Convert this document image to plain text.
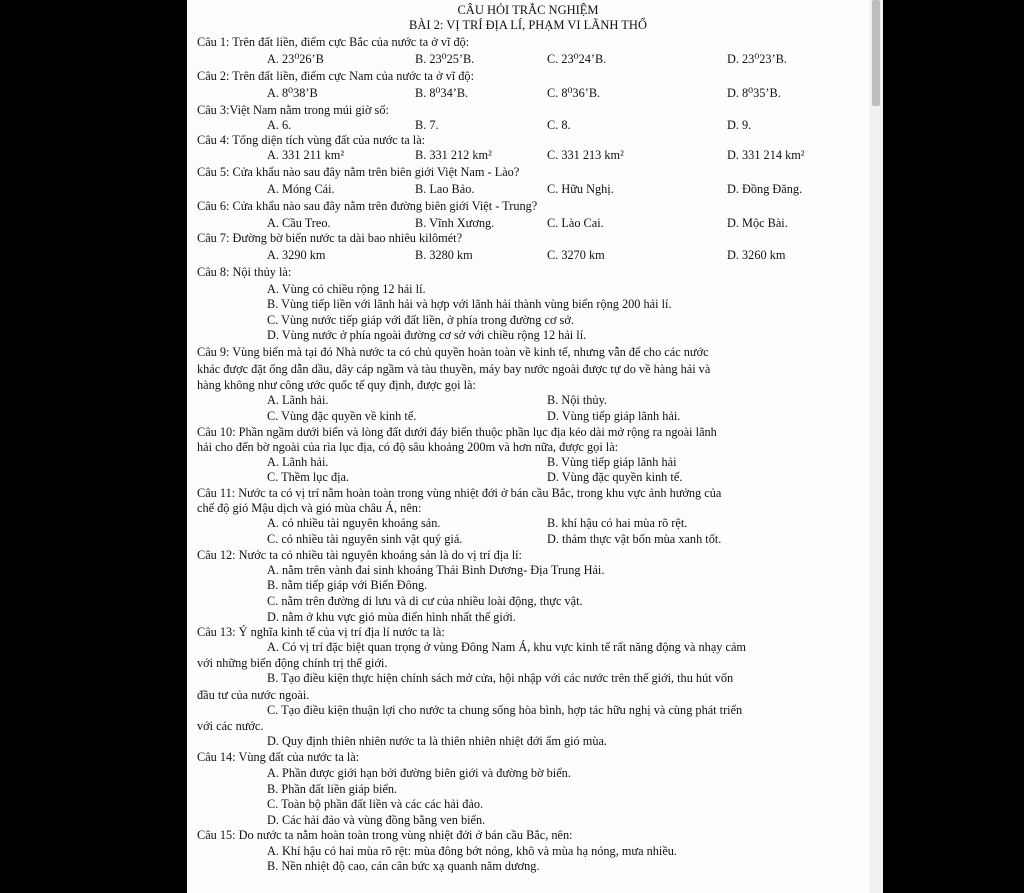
CÂU HỎI TRẮC NGHIỆM
BÀI 2: VỊ TRÍ ĐỊA LÍ, PHẠM VI LÃNH THỔ
Câu 1: Trên đất liền, điểm cực Bắc của nước ta ở vĩ độ:
A. 23⁰26’B	B. 23⁰25’B.	C. 23⁰24’B.	D. 23⁰23’B.
Câu 2: Trên đất liền, điểm cực Nam của nước ta ở vĩ độ:
A. 8⁰38’B	B. 8⁰34’B.	C. 8⁰36’B.	D. 8⁰35’B.
Câu 3:Việt Nam nằm trong múi giờ số:
A. 6.	B. 7.	C. 8.	D. 9.
Câu 4: Tổng diện tích vùng đất của nước ta là:
A. 331 211 km²	B. 331 212 km²	C. 331 213 km²	D. 331 214 km²
Câu 5: Cửa khẩu nào sau đây nằm trên biên giới Việt Nam - Lào?
A. Móng Cái.	B. Lao Bảo.	C. Hữu Nghị.	D. Đồng Đăng.
Câu 6: Cửa khẩu nào sau đây nằm trên đường biên giới Việt - Trung?
A. Cầu Treo.	B. Vĩnh Xương.	C. Lào Cai.	D. Mộc Bài.
Câu 7: Đường bờ biển nước ta dài bao nhiêu kilômét?
A. 3290 km	B. 3280 km	C. 3270 km	D. 3260 km
Câu 8: Nội thủy là:
A. Vùng có chiều rộng 12 hải lí.
B. Vùng tiếp liền với lãnh hải và hợp với lãnh hải thành vùng biển rộng 200 hải lí.
C. Vùng nước tiếp giáp với đất liền, ở phía trong đường cơ sở.
D. Vùng nước ở phía ngoài đường cơ sở với chiều rộng 12 hải lí.
Câu 9: Vùng biển mà tại đó Nhà nước ta có chủ quyền hoàn toàn về kinh tế, nhưng vẫn để cho các nước
khác được đặt ống dẫn dầu, dây cáp ngầm và tàu thuyền, máy bay nước ngoài được tự do về hàng hải và
hàng không như công ước quốc tế quy định, được gọi là:
A. Lãnh hải.	B. Nội thủy.
C. Vùng đặc quyền về kinh tế.	D. Vùng tiếp giáp lãnh hải.
Câu 10: Phần ngầm dưới biển và lòng đất dưới đáy biển thuộc phần lục địa kéo dài mở rộng ra ngoài lãnh
hải cho đến bờ ngoài của rìa lục địa, có độ sâu khoảng 200m và hơn nữa, được gọi là:
A. Lãnh hải.	B. Vùng tiếp giáp lãnh hải
C. Thềm lục địa.	D. Vùng đặc quyền kinh tế.
Câu 11: Nước ta có vị trí nằm hoàn toàn trong vùng nhiệt đới ở bán cầu Bắc, trong khu vực ảnh hưởng của
chế độ gió Mậu dịch và gió mùa châu Á, nên:
A. có nhiều tài nguyên khoáng sản.	B. khí hậu có hai mùa rõ rệt.
C. có nhiều tài nguyên sinh vật quý giá.	D. thảm thực vật bốn mùa xanh tốt.
Câu 12: Nước ta có nhiều tài nguyên khoáng sản là do vị trí địa lí:
A. nằm trên vành đai sinh khoáng Thái Bình Dương- Địa Trung Hải.
B. nằm tiếp giáp với Biển Đông.
C. nằm trên đường di lưu và di cư của nhiều loài động, thực vật.
D. nằm ở khu vực gió mùa điển hình nhất thế giới.
Câu 13: Ý nghĩa kinh tế của vị trí địa lí nước ta là:
A. Có vị trí đặc biệt quan trọng ở vùng Đông Nam Á, khu vực kinh tế rất năng động và nhạy cảm
với những biến động chính trị thế giới.
B. Tạo điều kiện thực hiện chính sách mở cửa, hội nhập với các nước trên thế giới, thu hút vốn
đầu tư của nước ngoài.
C. Tạo điều kiện thuận lợi cho nước ta chung sống hòa bình, hợp tác hữu nghị và cùng phát triển
với các nước.
D. Quy định thiên nhiên nước ta là thiên nhiên nhiệt đới ẩm gió mùa.
Câu 14: Vùng đất của nước ta là:
A. Phần được giới hạn bởi đường biên giới và đường bờ biển.
B. Phần đất liền giáp biển.
C. Toàn bộ phần đất liền và các các hải đảo.
D. Các hải đảo và vùng đồng bằng ven biển.
Câu 15: Do nước ta nằm hoàn toàn trong vùng nhiệt đới ở bán cầu Bắc, nên:
A. Khí hậu có hai mùa rõ rệt: mùa đông bớt nóng, khô và mùa hạ nóng, mưa nhiều.
B. Nền nhiệt độ cao, cán cân bức xạ quanh năm dương.
